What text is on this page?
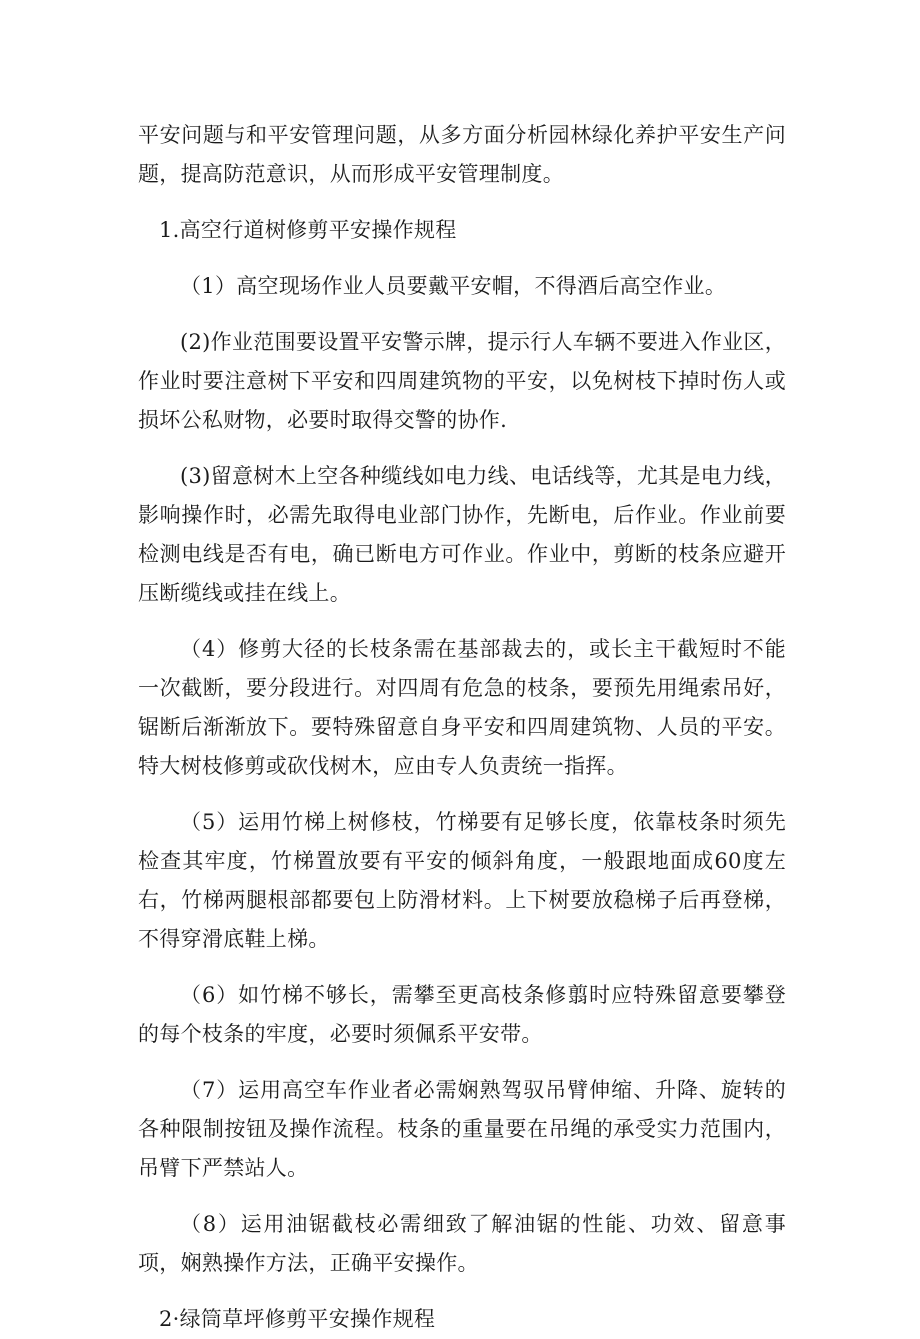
平安问题与和平安管理问题，从多方面分析园林绿化养护平安生产问题，提高防范意识，从而形成平安管理制度。

1.高空行道树修剪平安操作规程

（1）高空现场作业人员要戴平安帽，不得酒后高空作业。

(2)作业范围要设置平安警示牌，提示行人车辆不要进入作业区，作业时要注意树下平安和四周建筑物的平安，以免树枝下掉时伤人或损坏公私财物，必要时取得交警的协作.

(3)留意树木上空各种缆线如电力线、电话线等，尤其是电力线，影响操作时，必需先取得电业部门协作，先断电，后作业。作业前要检测电线是否有电，确已断电方可作业。作业中，剪断的枝条应避开压断缆线或挂在线上。

（4）修剪大径的长枝条需在基部裁去的，或长主干截短时不能一次截断，要分段进行。对四周有危急的枝条，要预先用绳索吊好，锯断后渐渐放下。要特殊留意自身平安和四周建筑物、人员的平安。特大树枝修剪或砍伐树木，应由专人负责统一指挥。

（5）运用竹梯上树修枝，竹梯要有足够长度，依靠枝条时须先检查其牢度，竹梯置放要有平安的倾斜角度，一般跟地面成60度左右，竹梯两腿根部都要包上防滑材料。上下树要放稳梯子后再登梯，不得穿滑底鞋上梯。

（6）如竹梯不够长，需攀至更高枝条修翦时应特殊留意要攀登的每个枝条的牢度，必要时须佩系平安带。

（7）运用高空车作业者必需娴熟驾驭吊臂伸缩、升降、旋转的各种限制按钮及操作流程。枝条的重量要在吊绳的承受实力范围内，吊臂下严禁站人。

（8）运用油锯截枝必需细致了解油锯的性能、功效、留意事项，娴熟操作方法，正确平安操作。

2·绿筒草坪修剪平安操作规程
